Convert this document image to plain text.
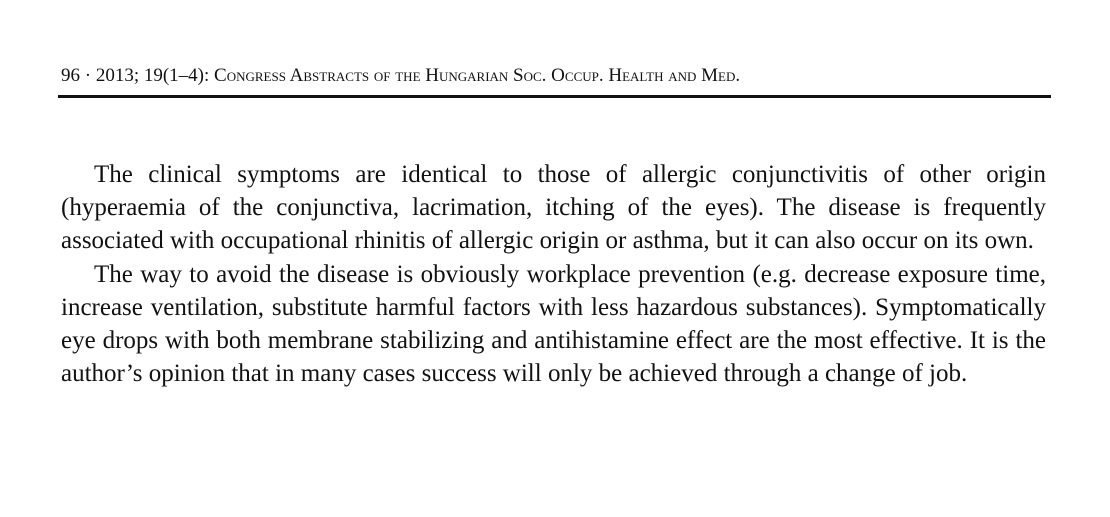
96 · 2013; 19(1–4): Congress Abstracts of the Hungarian Soc. Occup. Health and Med.

The clinical symptoms are identical to those of allergic conjunctivitis of other origin (hyperaemia of the conjunctiva, lacrimation, itching of the eyes). The disease is frequently associated with occupational rhinitis of allergic origin or asthma, but it can also occur on its own.

The way to avoid the disease is obviously workplace prevention (e.g. decrease exposure time, increase ventilation, substitute harmful factors with less hazardous substances). Symptomatically eye drops with both membrane stabilizing and antihistamine effect are the most effective. It is the author’s opinion that in many cases success will only be achieved through a change of job.
